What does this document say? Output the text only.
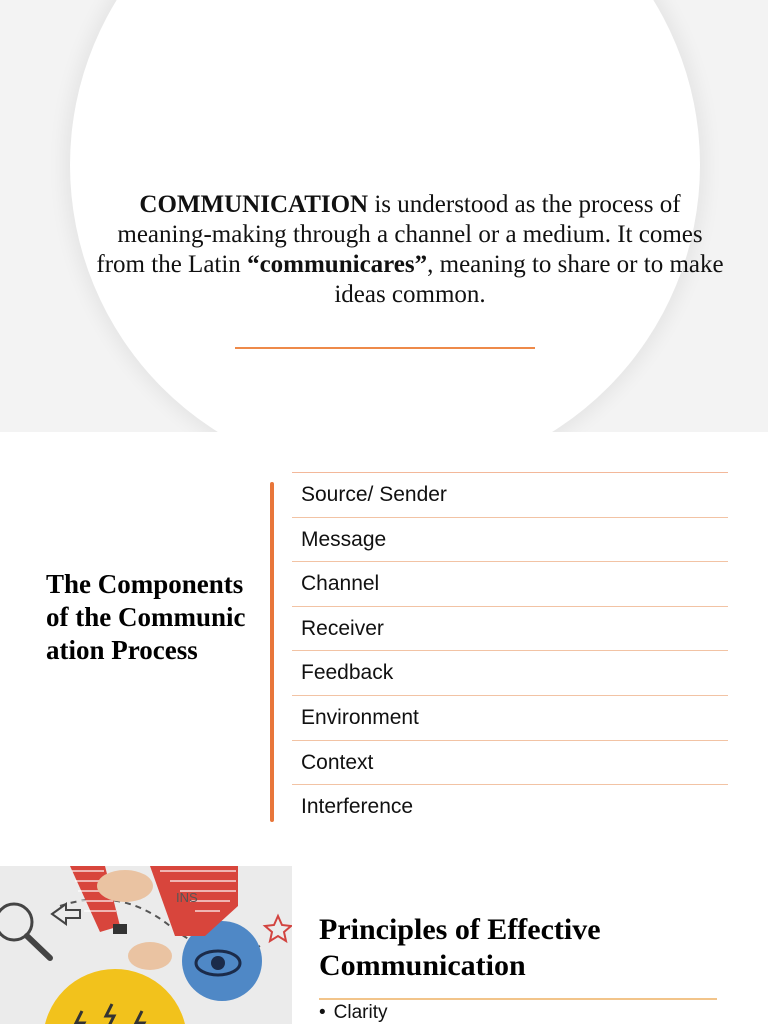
COMMUNICATION is understood as the process of meaning-making through a channel or a medium. It comes from the Latin “communicares”, meaning to share or to make ideas common.

The Components of the Communication Process
Source/ Sender
Message
Channel
Receiver
Feedback
Environment
Context
Interference
INS
Principles of Effective Communication
• Clarity
